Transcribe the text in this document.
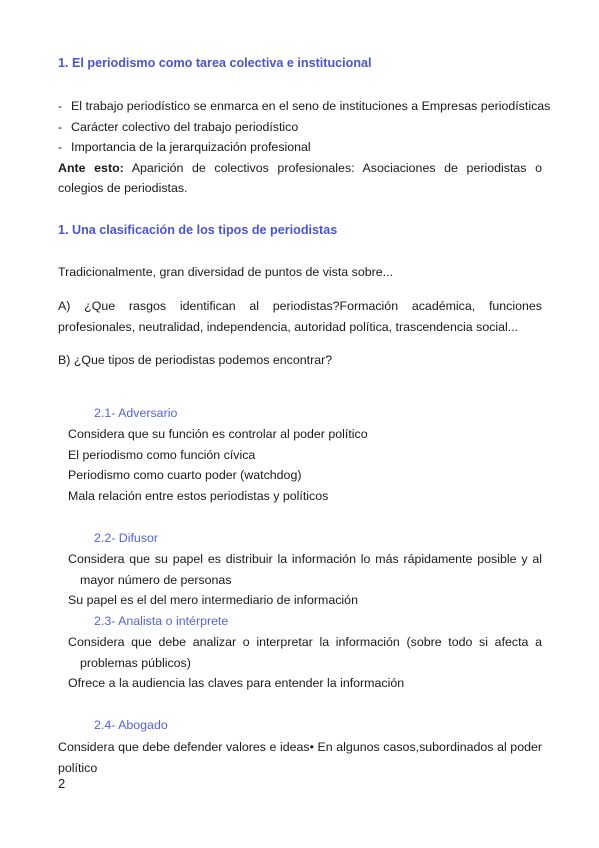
1. El periodismo como tarea colectiva e institucional
- El trabajo periodístico se enmarca en el seno de instituciones a Empresas periodísticas
- Carácter colectivo del trabajo periodístico
- Importancia de la jerarquización profesional
Ante esto: Aparición de colectivos profesionales: Asociaciones de periodistas o colegios de periodistas.
1. Una clasificación de los tipos de periodistas
Tradicionalmente, gran diversidad de puntos de vista sobre...
A) ¿Que rasgos identifican al periodistas?Formación académica, funciones profesionales, neutralidad, independencia, autoridad política, trascendencia social...
B) ¿Que tipos de periodistas podemos encontrar?
2.1- Adversario
Considera que su función es controlar al poder político
El periodismo como función cívica
Periodismo como cuarto poder (watchdog)
Mala relación entre estos periodistas y políticos
2.2- Difusor
Considera que su papel es distribuir la información lo más rápidamente posible y al mayor número de personas
Su papel es el del mero intermediario de información
2.3- Analista o intérprete
Considera que debe analizar o interpretar la información (sobre todo si afecta a problemas públicos)
Ofrece a la audiencia las claves para entender la información
2.4- Abogado
Considera que debe defender valores e ideas• En algunos casos,subordinados al poder político
2
